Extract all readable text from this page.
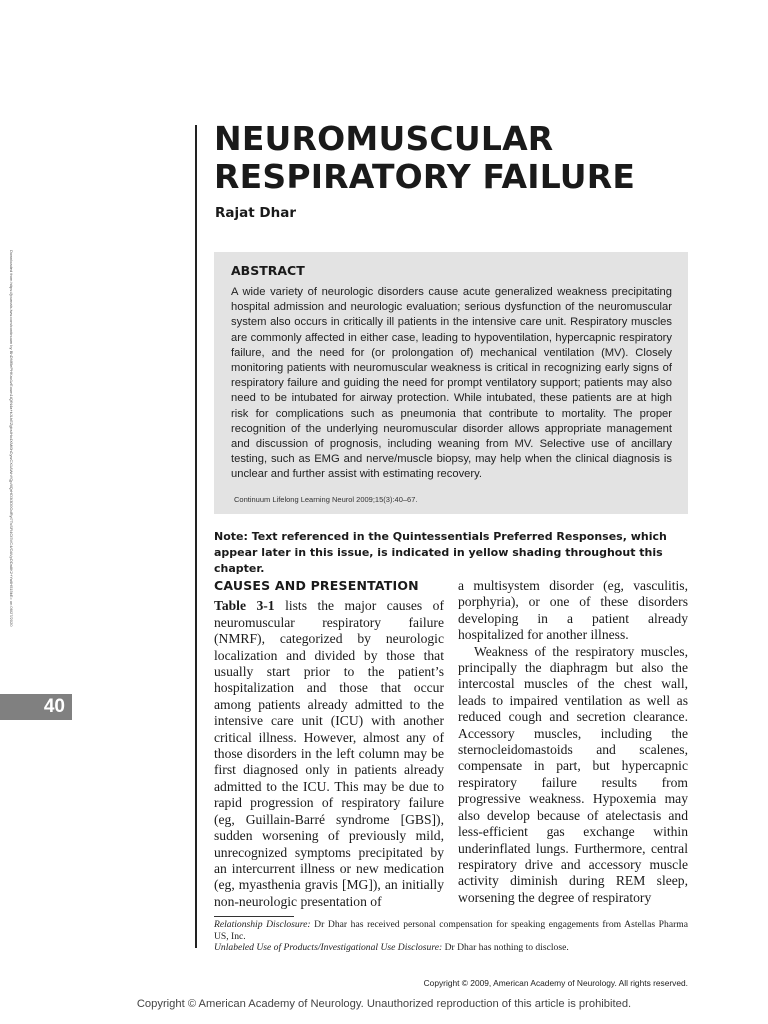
Downloaded from https://journals.lww.com/continuum by BhDMf5ePHKav1zEoum1tQfN4a+kJLhEZgbsIHo4XMi0hCywCX1AWnYQp/IlQrHD3i3D0OdRyi7TvSFl4Cf3VC4/OAVpDDa8K2+Ya6H515kE= on 06/27/2020
40
NEUROMUSCULAR
RESPIRATORY FAILURE
Rajat Dhar
ABSTRACT

A wide variety of neurologic disorders cause acute generalized weakness precipitating hospital admission and neurologic evaluation; serious dysfunction of the neuromuscular system also occurs in critically ill patients in the intensive care unit. Respiratory muscles are commonly affected in either case, leading to hypoventilation, hypercapnic respiratory failure, and the need for (or prolongation of) mechanical ventilation (MV). Closely monitoring patients with neuromuscular weakness is critical in recognizing early signs of respiratory failure and guiding the need for prompt ventilatory support; patients may also need to be intubated for airway protection. While intubated, these patients are at high risk for complications such as pneumonia that contribute to mortality. The proper recognition of the underlying neuromuscular disorder allows appropriate management and discussion of prognosis, including weaning from MV. Selective use of ancillary testing, such as EMG and nerve/muscle biopsy, may help when the clinical diagnosis is unclear and further assist with estimating recovery.

Continuum Lifelong Learning Neurol 2009;15(3):40–67.
Note: Text referenced in the Quintessentials Preferred Responses, which appear later in this issue, is indicated in yellow shading throughout this chapter.
CAUSES AND PRESENTATION

Table 3-1 lists the major causes of neuromuscular respiratory failure (NMRF), categorized by neurologic localization and divided by those that usually start prior to the patient’s hospitalization and those that occur among patients already admitted to the intensive care unit (ICU) with another critical illness. However, almost any of those disorders in the left column may be first diagnosed only in patients already admitted to the ICU. This may be due to rapid progression of respiratory failure (eg, Guillain-Barré syndrome [GBS]), sudden worsening of previously mild, unrecognized symptoms precipitated by an intercurrent illness or new medication (eg, myasthenia gravis [MG]), an initially non-neurologic presentation of

a multisystem disorder (eg, vasculitis, porphyria), or one of these disorders developing in a patient already hospitalized for another illness.

Weakness of the respiratory muscles, principally the diaphragm but also the intercostal muscles of the chest wall, leads to impaired ventilation as well as reduced cough and secretion clearance. Accessory muscles, including the sternocleidomastoids and scalenes, compensate in part, but hypercapnic respiratory failure results from progressive weakness. Hypoxemia may also develop because of atelectasis and less-efficient gas exchange within underinflated lungs. Furthermore, central respiratory drive and accessory muscle activity diminish during REM sleep, worsening the degree of respiratory

Relationship Disclosure: Dr Dhar has received personal compensation for speaking engagements from Astellas Pharma US, Inc.

Unlabeled Use of Products/Investigational Use Disclosure: Dr Dhar has nothing to disclose.

Copyright © 2009, American Academy of Neurology. All rights reserved.
Copyright © American Academy of Neurology. Unauthorized reproduction of this article is prohibited.
